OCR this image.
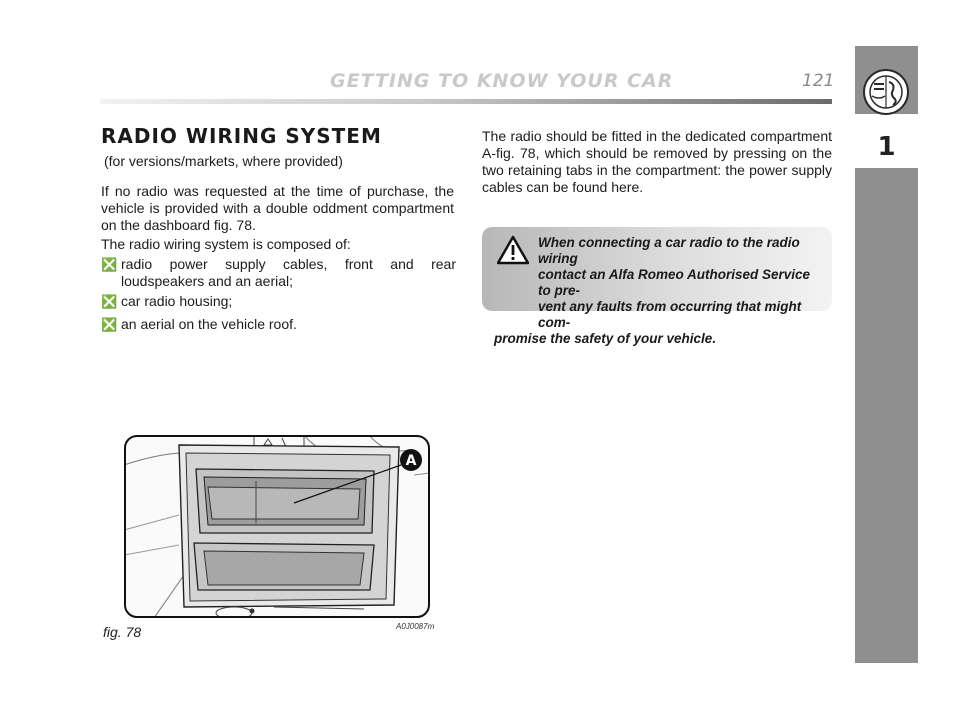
GETTING TO KNOW YOUR CAR	121
1
RADIO WIRING SYSTEM
(for versions/markets, where provided)
If no radio was requested at the time of purchase, the vehicle is provided with a double oddment compartment on the dashboard fig. 78.
The radio wiring system is composed of:
❎ radio power supply cables, front and rear loudspeakers and an aerial;
❎ car radio housing;
❎ an aerial on the vehicle roof.
The radio should be fitted in the dedicated compartment A-fig. 78, which should be removed by pressing on the two retaining tabs in the compartment: the power supply cables can be found here.
When connecting a car radio to the radio wiring
contact an Alfa Romeo Authorised Service to pre-
vent any faults from occurring that might com-
promise the safety of your vehicle.
A
fig. 78	A0J0087m
